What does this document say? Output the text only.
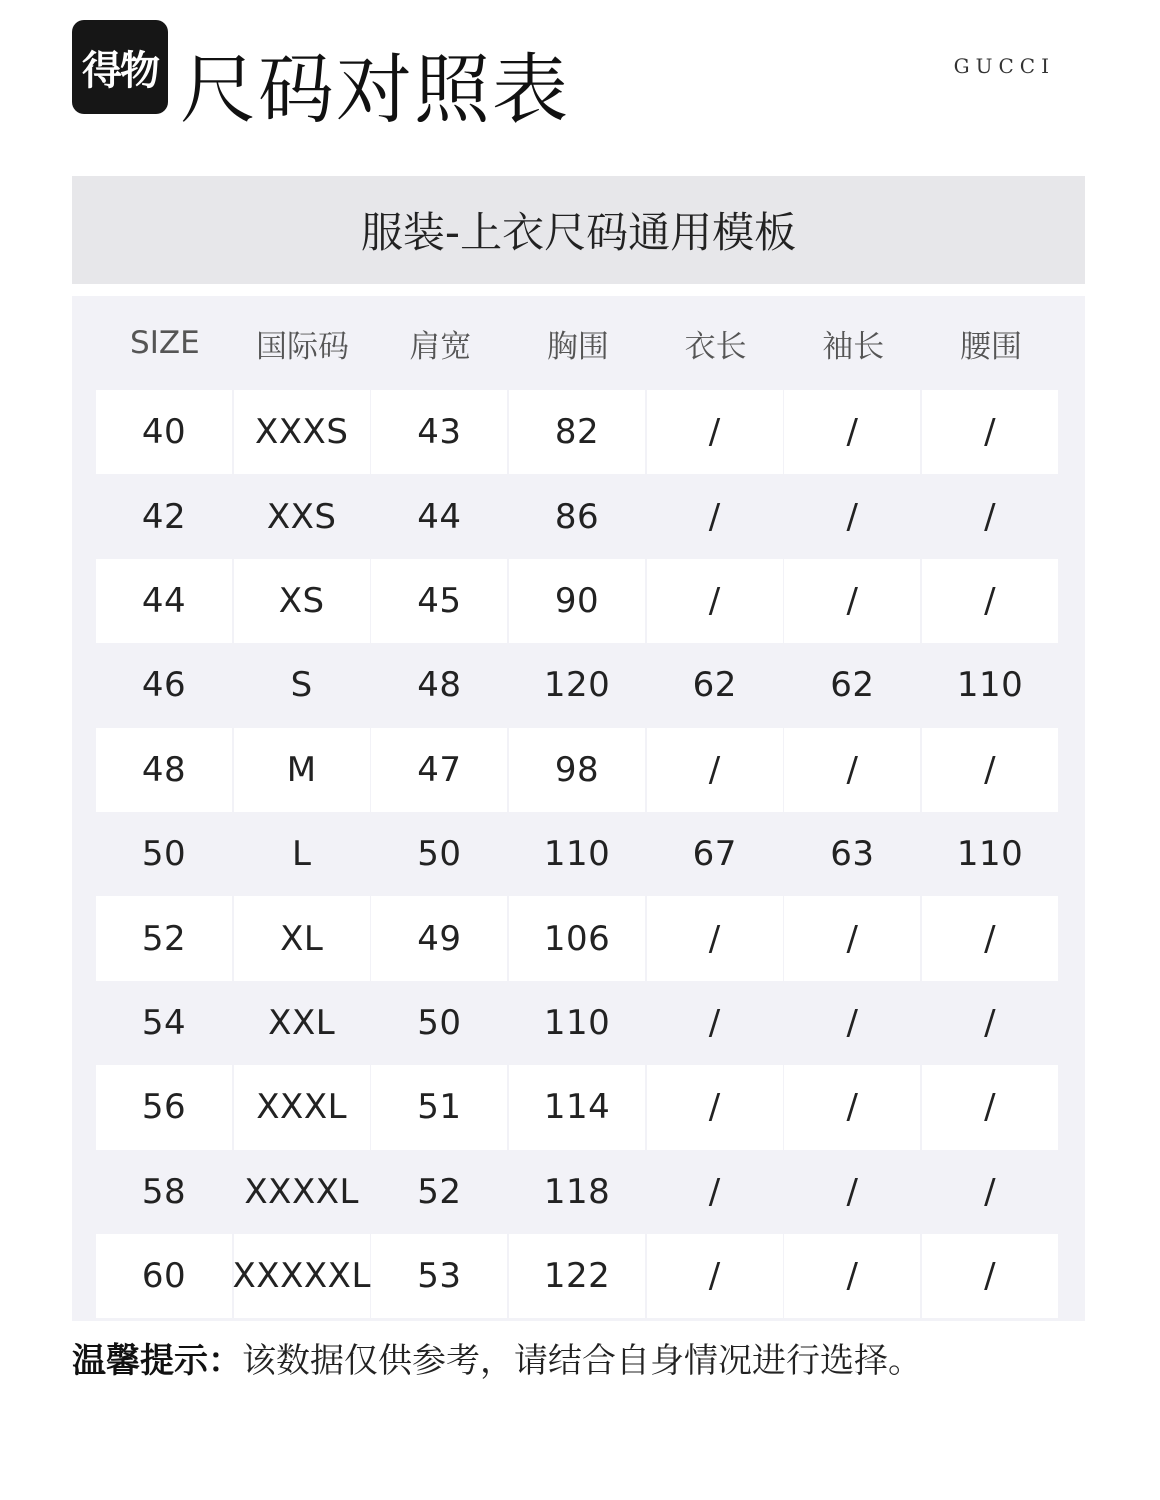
得物 尺码对照表	GUCCI
服装-上衣尺码通用模板
SIZE	国际码	肩宽	胸围	衣长	袖长	腰围
40	XXXS	43	82	/	/	/
42	XXS	44	86	/	/	/
44	XS	45	90	/	/	/
46	S	48	120	62	62	110
48	M	47	98	/	/	/
50	L	50	110	67	63	110
52	XL	49	106	/	/	/
54	XXL	50	110	/	/	/
56	XXXL	51	114	/	/	/
58	XXXXL	52	118	/	/	/
60	XXXXXL	53	122	/	/	/
温馨提示：该数据仅供参考，请结合自身情况进行选择。
